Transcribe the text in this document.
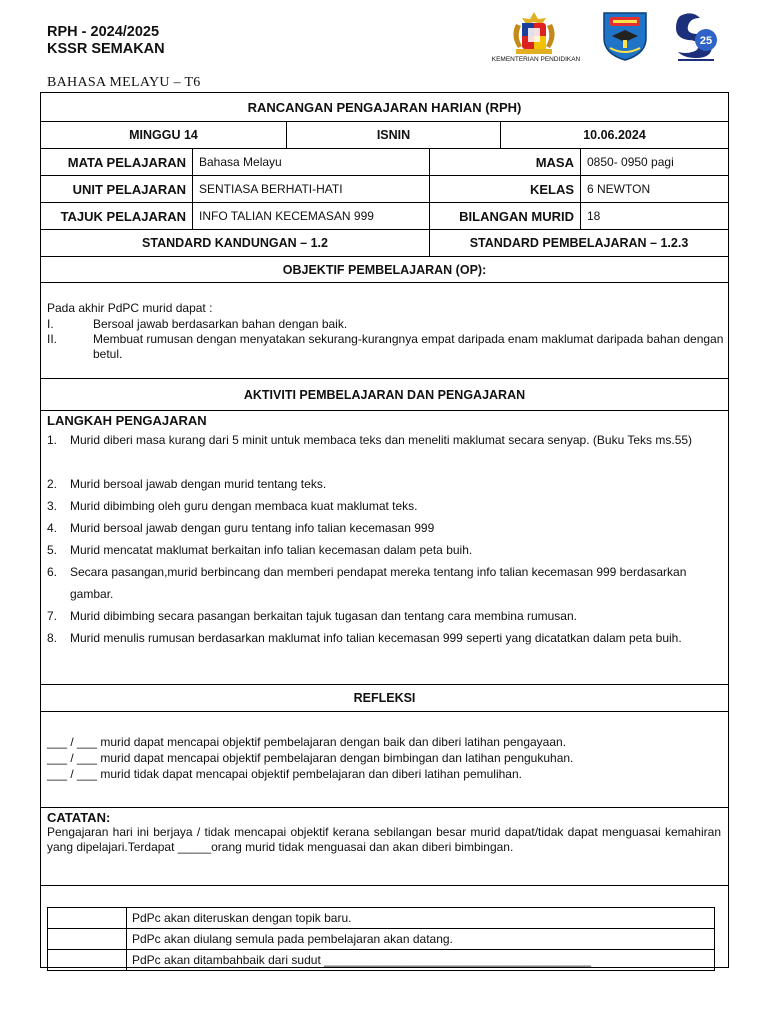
RPH - 2024/2025
KSSR SEMAKAN
KEMENTERIAN PENDIDIKAN
25
BAHASA MELAYU – T6
RANCANGAN PENGAJARAN HARIAN (RPH)
MINGGU 14	ISNIN	10.06.2024
MATA PELAJARAN	Bahasa Melayu	MASA	0850- 0950 pagi
UNIT PELAJARAN	SENTIASA BERHATI-HATI	KELAS	6 NEWTON
TAJUK PELAJARAN	INFO TALIAN KECEMASAN 999	BILANGAN MURID	18
STANDARD KANDUNGAN – 1.2	STANDARD PEMBELAJARAN – 1.2.3
OBJEKTIF PEMBELAJARAN (OP):
Pada akhir PdPC murid dapat :
I.	Bersoal jawab berdasarkan bahan dengan baik.
II.	Membuat rumusan dengan menyatakan sekurang-kurangnya empat daripada enam maklumat daripada bahan dengan betul.
AKTIVITI PEMBELAJARAN DAN PENGAJARAN
LANGKAH PENGAJARAN
1. Murid diberi masa kurang dari 5 minit untuk membaca teks dan meneliti maklumat secara senyap. (Buku Teks ms.55)
2. Murid bersoal jawab dengan murid tentang teks.
3. Murid dibimbing oleh guru dengan membaca kuat maklumat teks.
4. Murid bersoal jawab dengan guru tentang info talian kecemasan 999
5. Murid mencatat maklumat berkaitan info talian kecemasan dalam peta buih.
6. Secara pasangan,murid berbincang dan memberi pendapat mereka tentang info talian kecemasan 999 berdasarkan gambar.
7. Murid dibimbing secara pasangan berkaitan tajuk tugasan dan tentang cara membina rumusan.
8. Murid menulis rumusan berdasarkan maklumat info talian kecemasan 999 seperti yang dicatatkan dalam peta buih.
REFLEKSI
___ / ___ murid dapat mencapai objektif pembelajaran dengan baik dan diberi latihan pengayaan.
___ / ___ murid dapat mencapai objektif pembelajaran dengan bimbingan dan latihan pengukuhan.
___ / ___ murid tidak dapat mencapai objektif pembelajaran dan diberi latihan pemulihan.
CATATAN:
Pengajaran hari ini berjaya / tidak mencapai objektif kerana sebilangan besar murid dapat/tidak dapat menguasai kemahiran yang dipelajari.Terdapat _____orang murid tidak menguasai dan akan diberi bimbingan.
PdPc akan diteruskan dengan topik baru.
PdPc akan diulang semula pada pembelajaran akan datang.
PdPc akan ditambahbaik dari sudut ________________________________________
